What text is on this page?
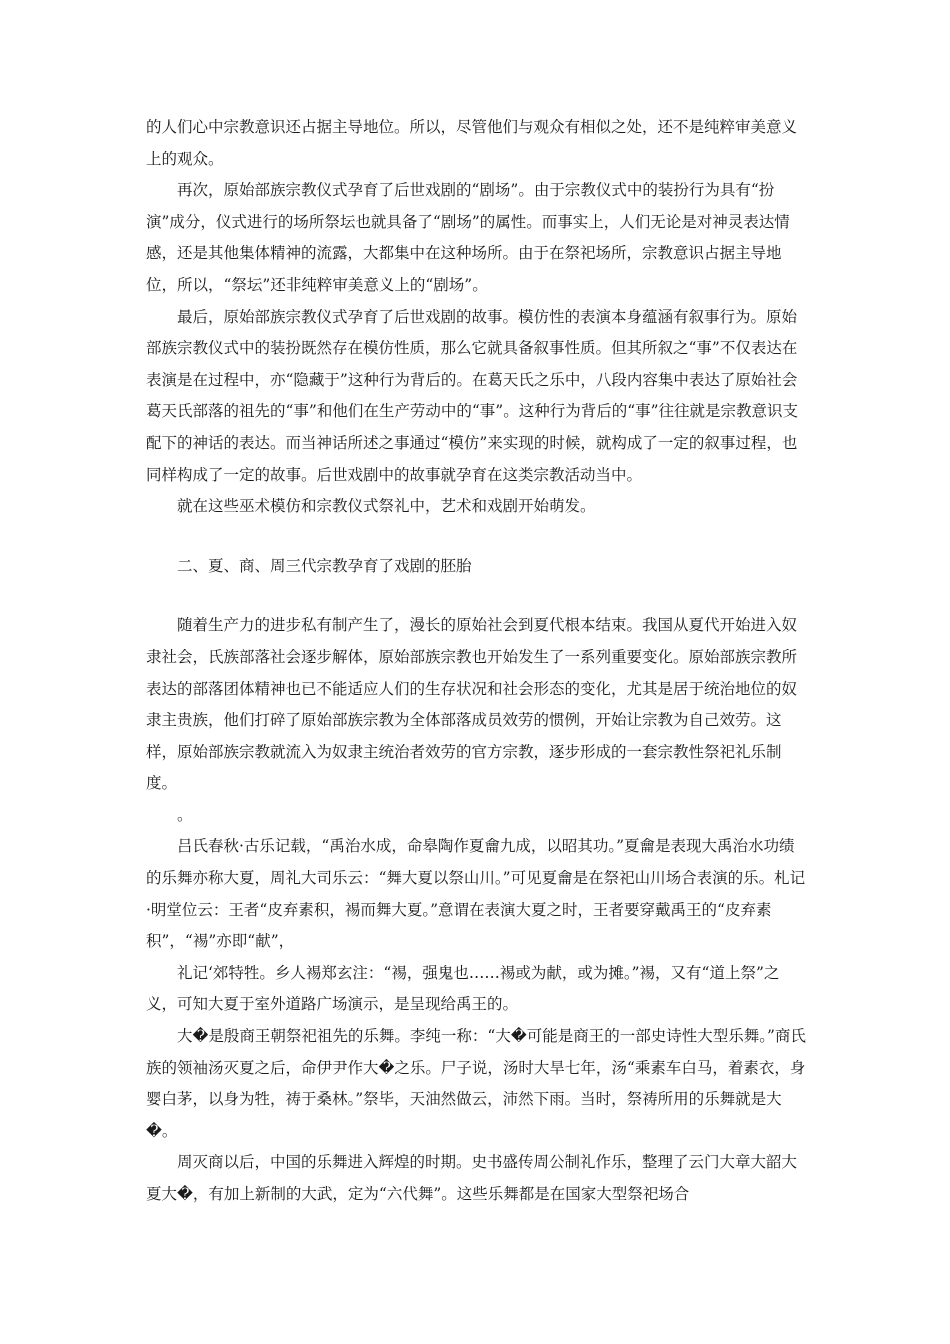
的人们心中宗教意识还占据主导地位。所以，尽管他们与观众有相似之处，还不是纯粹审美意义上的观众。

再次，原始部族宗教仪式孕育了后世戏剧的“剧场”。由于宗教仪式中的装扮行为具有“扮演”成分，仪式进行的场所祭坛也就具备了“剧场”的属性。而事实上，人们无论是对神灵表达情感，还是其他集体精神的流露，大都集中在这种场所。由于在祭祀场所，宗教意识占据主导地位，所以，“祭坛”还非纯粹审美意义上的“剧场”。

最后，原始部族宗教仪式孕育了后世戏剧的故事。模仿性的表演本身蕴涵有叙事行为。原始部族宗教仪式中的装扮既然存在模仿性质，那么它就具备叙事性质。但其所叙之“事”不仅表达在表演是在过程中，亦“隐藏于”这种行为背后的。在葛天氏之乐中，八段内容集中表达了原始社会葛天氏部落的祖先的“事”和他们在生产劳动中的“事”。这种行为背后的“事”往往就是宗教意识支配下的神话的表达。而当神话所述之事通过“模仿”来实现的时候，就构成了一定的叙事过程，也同样构成了一定的故事。后世戏剧中的故事就孕育在这类宗教活动当中。

就在这些巫术模仿和宗教仪式祭礼中，艺术和戏剧开始萌发。

二、夏、商、周三代宗教孕育了戏剧的胚胎

随着生产力的进步私有制产生了，漫长的原始社会到夏代根本结束。我国从夏代开始进入奴隶社会，氏族部落社会逐步解体，原始部族宗教也开始发生了一系列重要变化。原始部族宗教所表达的部落团体精神也已不能适应人们的生存状况和社会形态的变化，尤其是居于统治地位的奴隶主贵族，他们打碎了原始部族宗教为全体部落成员效劳的惯例，开始让宗教为自己效劳。这样，原始部族宗教就流入为奴隶主统治者效劳的官方宗教，逐步形成的一套宗教性祭祀礼乐制度。

。

吕氏春秋·古乐记载，“禹治水成，命皋陶作夏龠九成，以昭其功。”夏龠是表现大禹治水功绩的乐舞亦称大夏，周礼大司乐云：“舞大夏以祭山川。”可见夏龠是在祭祀山川场合表演的乐。札记·明堂位云：王者“皮弃素积，裼而舞大夏。”意谓在表演大夏之时，王者要穿戴禹王的“皮弃素积”，“裼”亦即“献”，

礼记‘郊特牲。乡人裼郑玄注：“裼，强鬼也……裼或为献，或为摊。”裼，又有“道上祭”之义，可知大夏于室外道路广场演示，是呈现给禹王的。

大�是殷商王朝祭祀祖先的乐舞。李纯一称：“大�可能是商王的一部史诗性大型乐舞。”商氏族的领袖汤灭夏之后，命伊尹作大�之乐。尸子说，汤时大旱七年，汤“乘素车白马，着素衣，身婴白茅，以身为牲，祷于桑林。”祭毕，天油然做云，沛然下雨。当时，祭祷所用的乐舞就是大�。

周灭商以后，中国的乐舞进入辉煌的时期。史书盛传周公制礼作乐，整理了云门大章大韶大夏大�，有加上新制的大武，定为“六代舞”。这些乐舞都是在国家大型祭祀场合
